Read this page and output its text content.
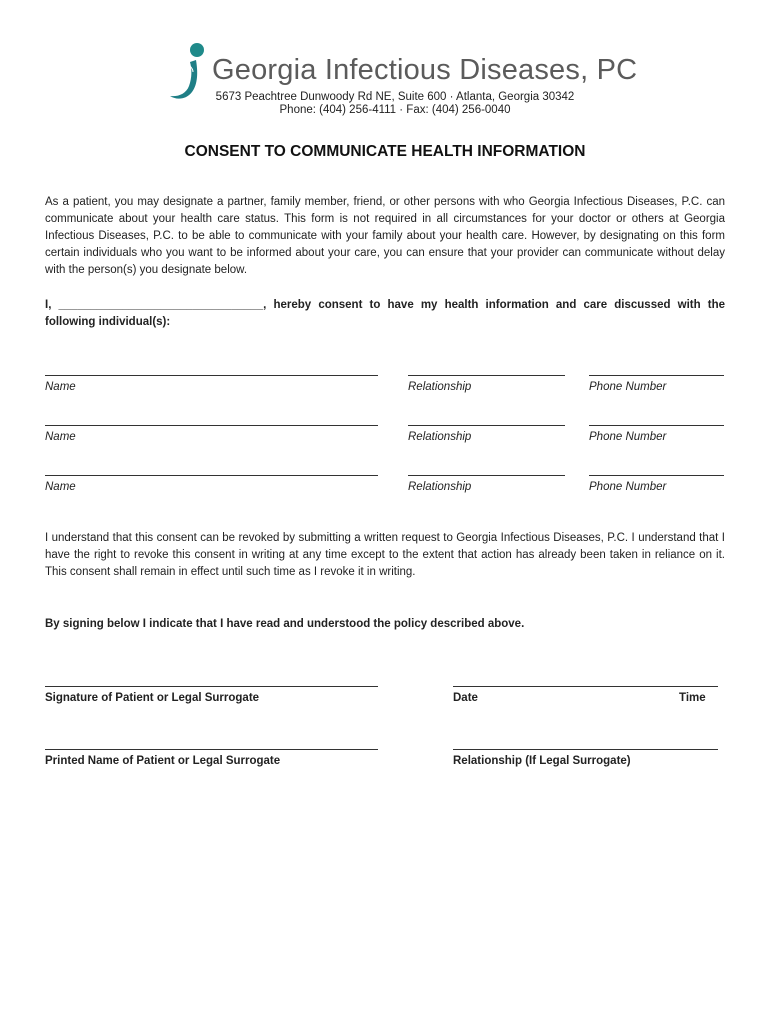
Georgia Infectious Diseases, PC
5673 Peachtree Dunwoody Rd NE, Suite 600 · Atlanta, Georgia 30342
Phone: (404) 256-4111 · Fax: (404) 256-0040
CONSENT TO COMMUNICATE HEALTH INFORMATION
As a patient, you may designate a partner, family member, friend, or other persons with who Georgia Infectious Diseases, P.C. can communicate about your health care status. This form is not required in all circumstances for your doctor or others at Georgia Infectious Diseases, P.C. to be able to communicate with your family about your health care. However, by designating on this form certain individuals who you want to be informed about your care, you can ensure that your provider can communicate without delay with the person(s) you designate below.
I, ________________________________, hereby consent to have my health information and care discussed with the following individual(s):
Name	Relationship	Phone Number
Name	Relationship	Phone Number
Name	Relationship	Phone Number
I understand that this consent can be revoked by submitting a written request to Georgia Infectious Diseases, P.C. I understand that I have the right to revoke this consent in writing at any time except to the extent that action has already been taken in reliance on it. This consent shall remain in effect until such time as I revoke it in writing.
By signing below I indicate that I have read and understood the policy described above.
Signature of Patient or Legal Surrogate	Date	Time
Printed Name of Patient or Legal Surrogate	Relationship (If Legal Surrogate)
